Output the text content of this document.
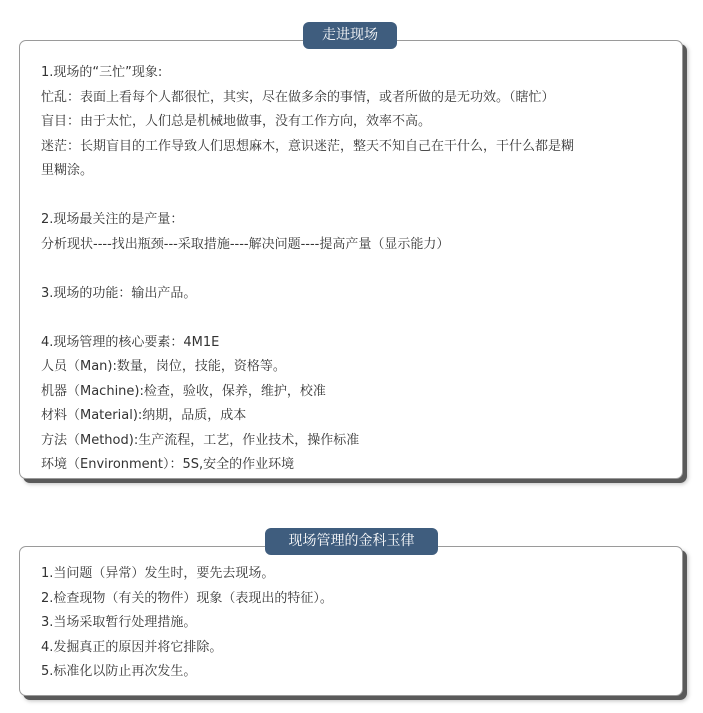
1.现场的“三忙”现象:
忙乱：表面上看每个人都很忙，其实，尽在做多余的事情，或者所做的是无功效。（瞎忙）
盲目：由于太忙，人们总是机械地做事，没有工作方向，效率不高。
迷茫：长期盲目的工作导致人们思想麻木，意识迷茫，整天不知自己在干什么，干什么都是糊
里糊涂。
2.现场最关注的是产量：
分析现状----找出瓶颈---采取措施----解决问题----提高产量（显示能力）
3.现场的功能：输出产品。
4.现场管理的核心要素：4M1E
人员（Man):数量，岗位，技能，资格等。
机器（Machine):检查，验收，保养，维护，校准
材料（Material):纳期，品质，成本
方法（Method):生产流程，工艺，作业技术，操作标准
环境（Environment）：5S,安全的作业环境
走进现场
1.当问题（异常）发生时，要先去现场。
2.检查现物（有关的物件）现象（表现出的特征）。
3.当场采取暂行处理措施。
4.发掘真正的原因并将它排除。
5.标准化以防止再次发生。
现场管理的金科玉律
